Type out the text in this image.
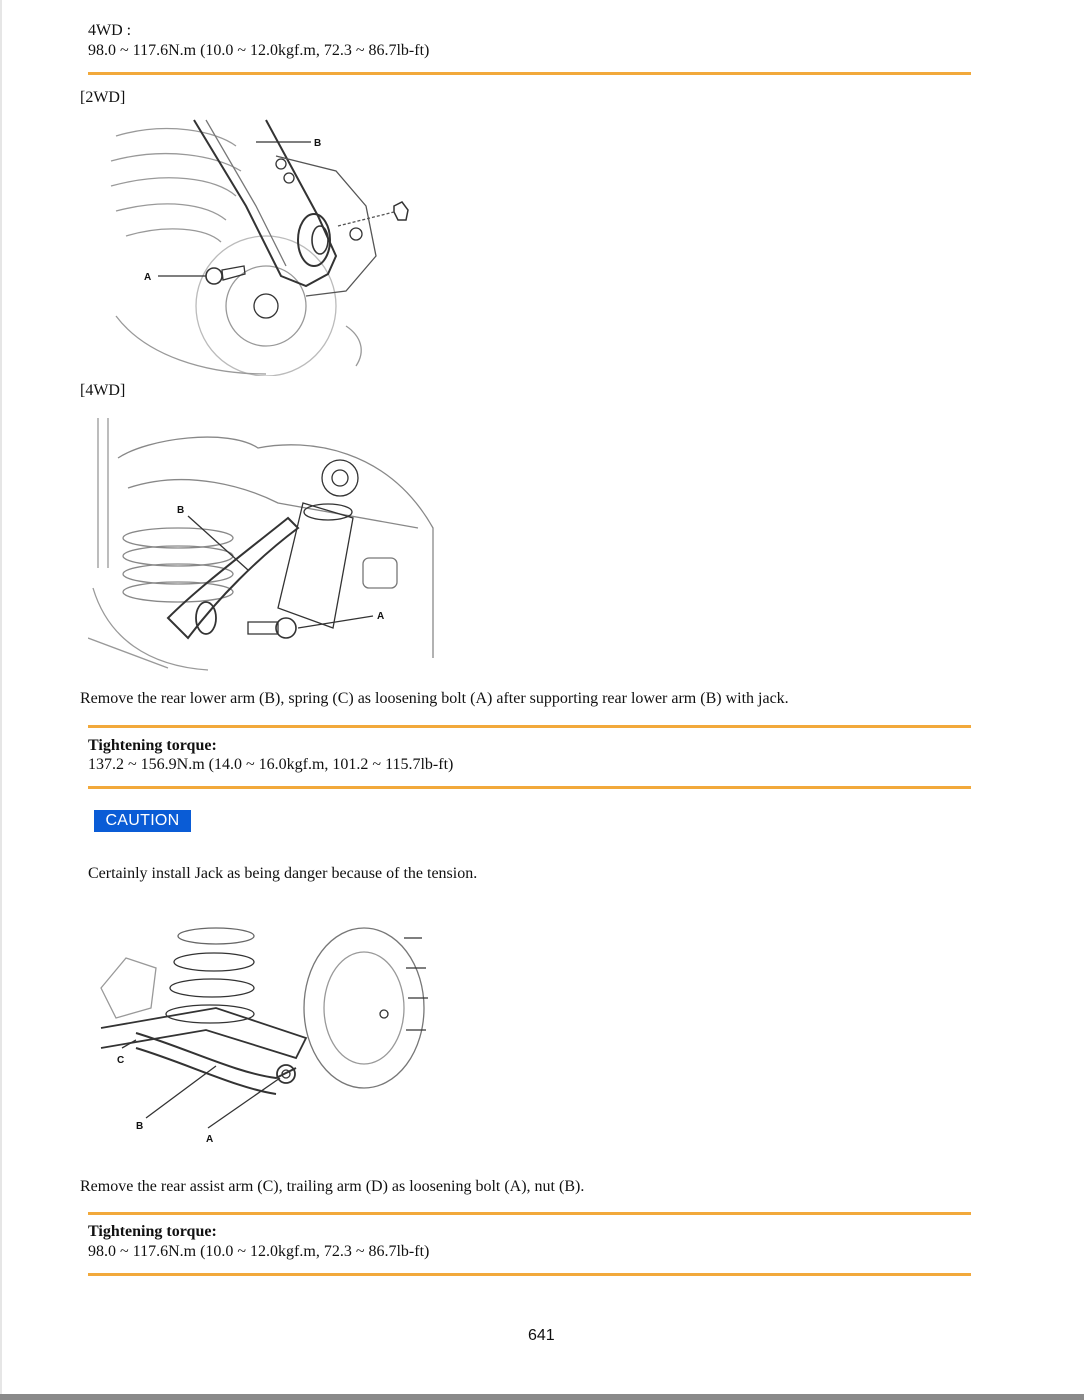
4WD :
98.0 ~ 117.6N.m (10.0 ~ 12.0kgf.m, 72.3 ~ 86.7lb-ft)
[2WD]
A
B
[4WD]
B
A
Remove the rear lower arm (B), spring (C) as loosening bolt (A) after supporting rear lower arm (B) with jack.
Tightening torque:
137.2 ~ 156.9N.m (14.0 ~ 16.0kgf.m, 101.2 ~ 115.7lb-ft)
CAUTION
Certainly install Jack as being danger because of the tension.
C
B
A
Remove the rear assist arm (C), trailing arm (D) as loosening bolt (A), nut (B).
Tightening torque:
98.0 ~ 117.6N.m (10.0 ~ 12.0kgf.m, 72.3 ~ 86.7lb-ft)
641
